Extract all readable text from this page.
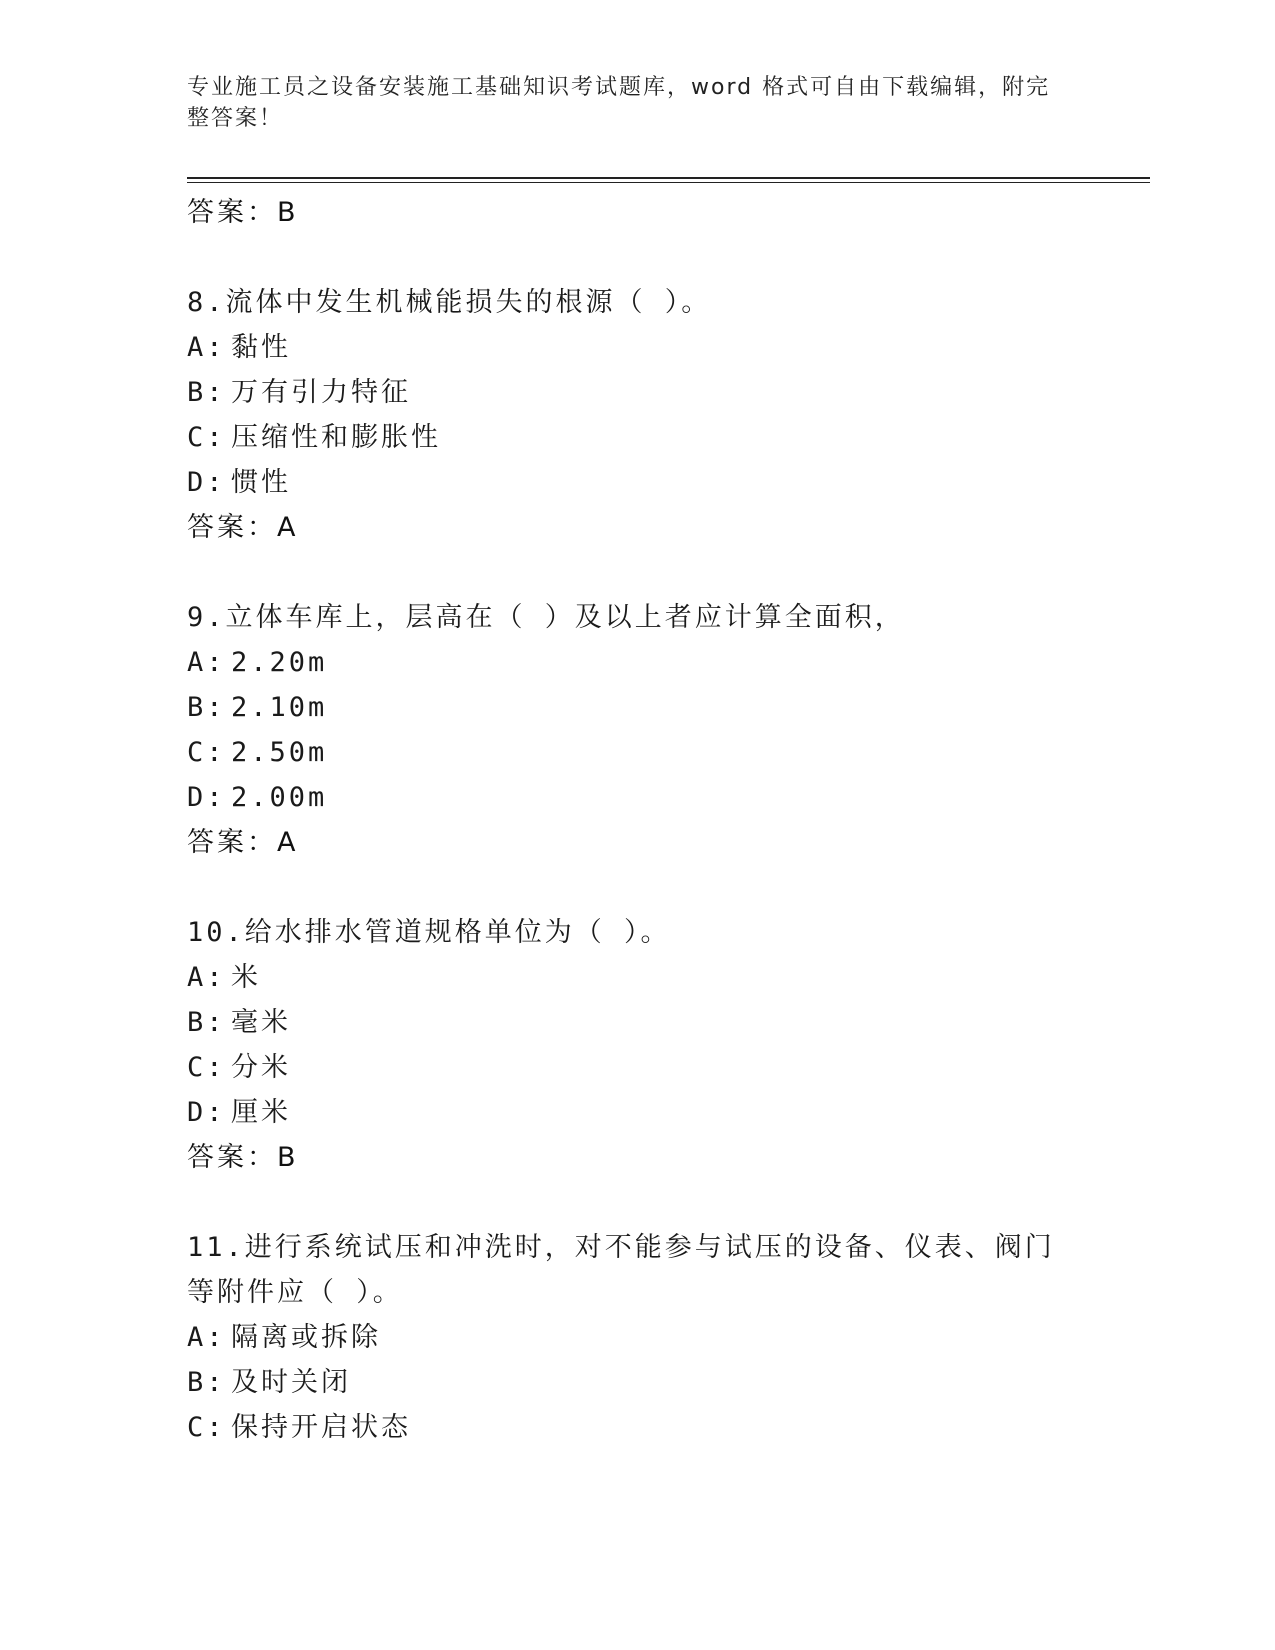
专业施工员之设备安装施工基础知识考试题库，word 格式可自由下载编辑，附完整答案！
答案：B
8.流体中发生机械能损失的根源（ ）。
A: 黏性
B: 万有引力特征
C: 压缩性和膨胀性
D: 惯性
答案：A
9.立体车库上，层高在（ ）及以上者应计算全面积，
A: 2.20m
B: 2.10m
C: 2.50m
D: 2.00m
答案：A
10.给水排水管道规格单位为（ ）。
A: 米
B: 毫米
C: 分米
D: 厘米
答案：B
11.进行系统试压和冲洗时，对不能参与试压的设备、仪表、阀门等附件应（ ）。
A: 隔离或拆除
B: 及时关闭
C: 保持开启状态
